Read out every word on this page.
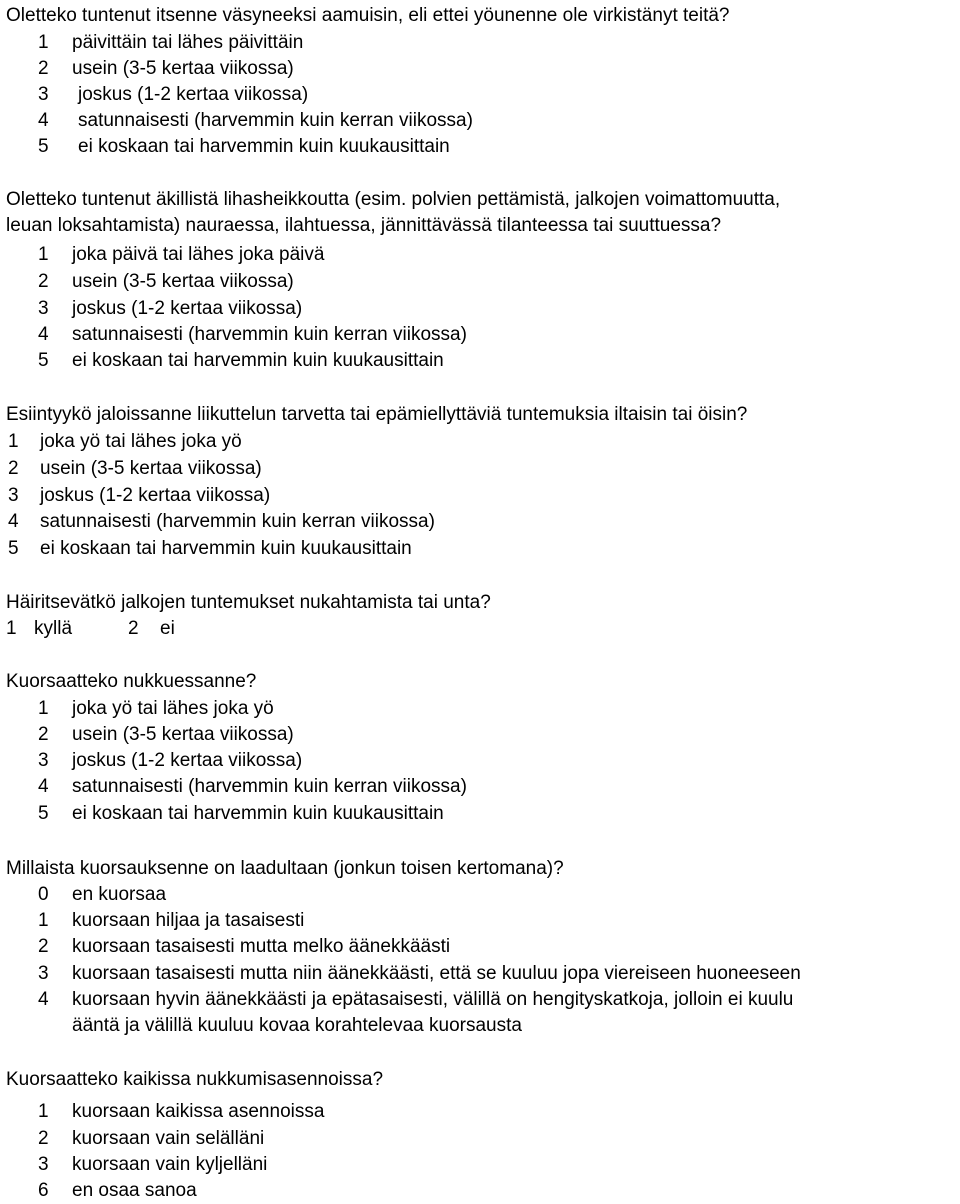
Oletteko tuntenut itsenne väsyneeksi aamuisin, eli ettei yöunenne ole virkistänyt teitä?
1 päivittäin tai lähes päivittäin
2 usein (3-5 kertaa viikossa)
3 joskus (1-2 kertaa viikossa)
4 satunnaisesti (harvemmin kuin kerran viikossa)
5 ei koskaan tai harvemmin kuin kuukausittain
Oletteko tuntenut äkillistä lihasheikkoutta (esim. polvien pettämistä, jalkojen voimattomuutta,
leuan loksahtamista) nauraessa, ilahtuessa, jännittävässä tilanteessa tai suuttuessa?
1 joka päivä tai lähes joka päivä
2 usein (3-5 kertaa viikossa)
3 joskus (1-2 kertaa viikossa)
4 satunnaisesti (harvemmin kuin kerran viikossa)
5 ei koskaan tai harvemmin kuin kuukausittain
Esiintyykö jaloissanne liikuttelun tarvetta tai epämiellyttäviä tuntemuksia iltaisin tai öisin?
1 joka yö tai lähes joka yö
2 usein (3-5 kertaa viikossa)
3 joskus (1-2 kertaa viikossa)
4 satunnaisesti (harvemmin kuin kerran viikossa)
5 ei koskaan tai harvemmin kuin kuukausittain
Häiritsevätkö jalkojen tuntemukset nukahtamista tai unta?
1 kyllä	2 ei
Kuorsaatteko nukkuessanne?
1 joka yö tai lähes joka yö
2 usein (3-5 kertaa viikossa)
3 joskus (1-2 kertaa viikossa)
4 satunnaisesti (harvemmin kuin kerran viikossa)
5 ei koskaan tai harvemmin kuin kuukausittain
Millaista kuorsauksenne on laadultaan (jonkun toisen kertomana)?
0 en kuorsaa
1 kuorsaan hiljaa ja tasaisesti
2 kuorsaan tasaisesti mutta melko äänekkäästi
3 kuorsaan tasaisesti mutta niin äänekkäästi, että se kuuluu jopa viereiseen huoneeseen
4 kuorsaan hyvin äänekkäästi ja epätasaisesti, välillä on hengityskatkoja, jolloin ei kuulu
ääntä ja välillä kuuluu kovaa korahtelevaa kuorsausta
Kuorsaatteko kaikissa nukkumisasennoissa?
1 kuorsaan kaikissa asennoissa
2 kuorsaan vain selälläni
3 kuorsaan vain kyljelläni
6 en osaa sanoa
